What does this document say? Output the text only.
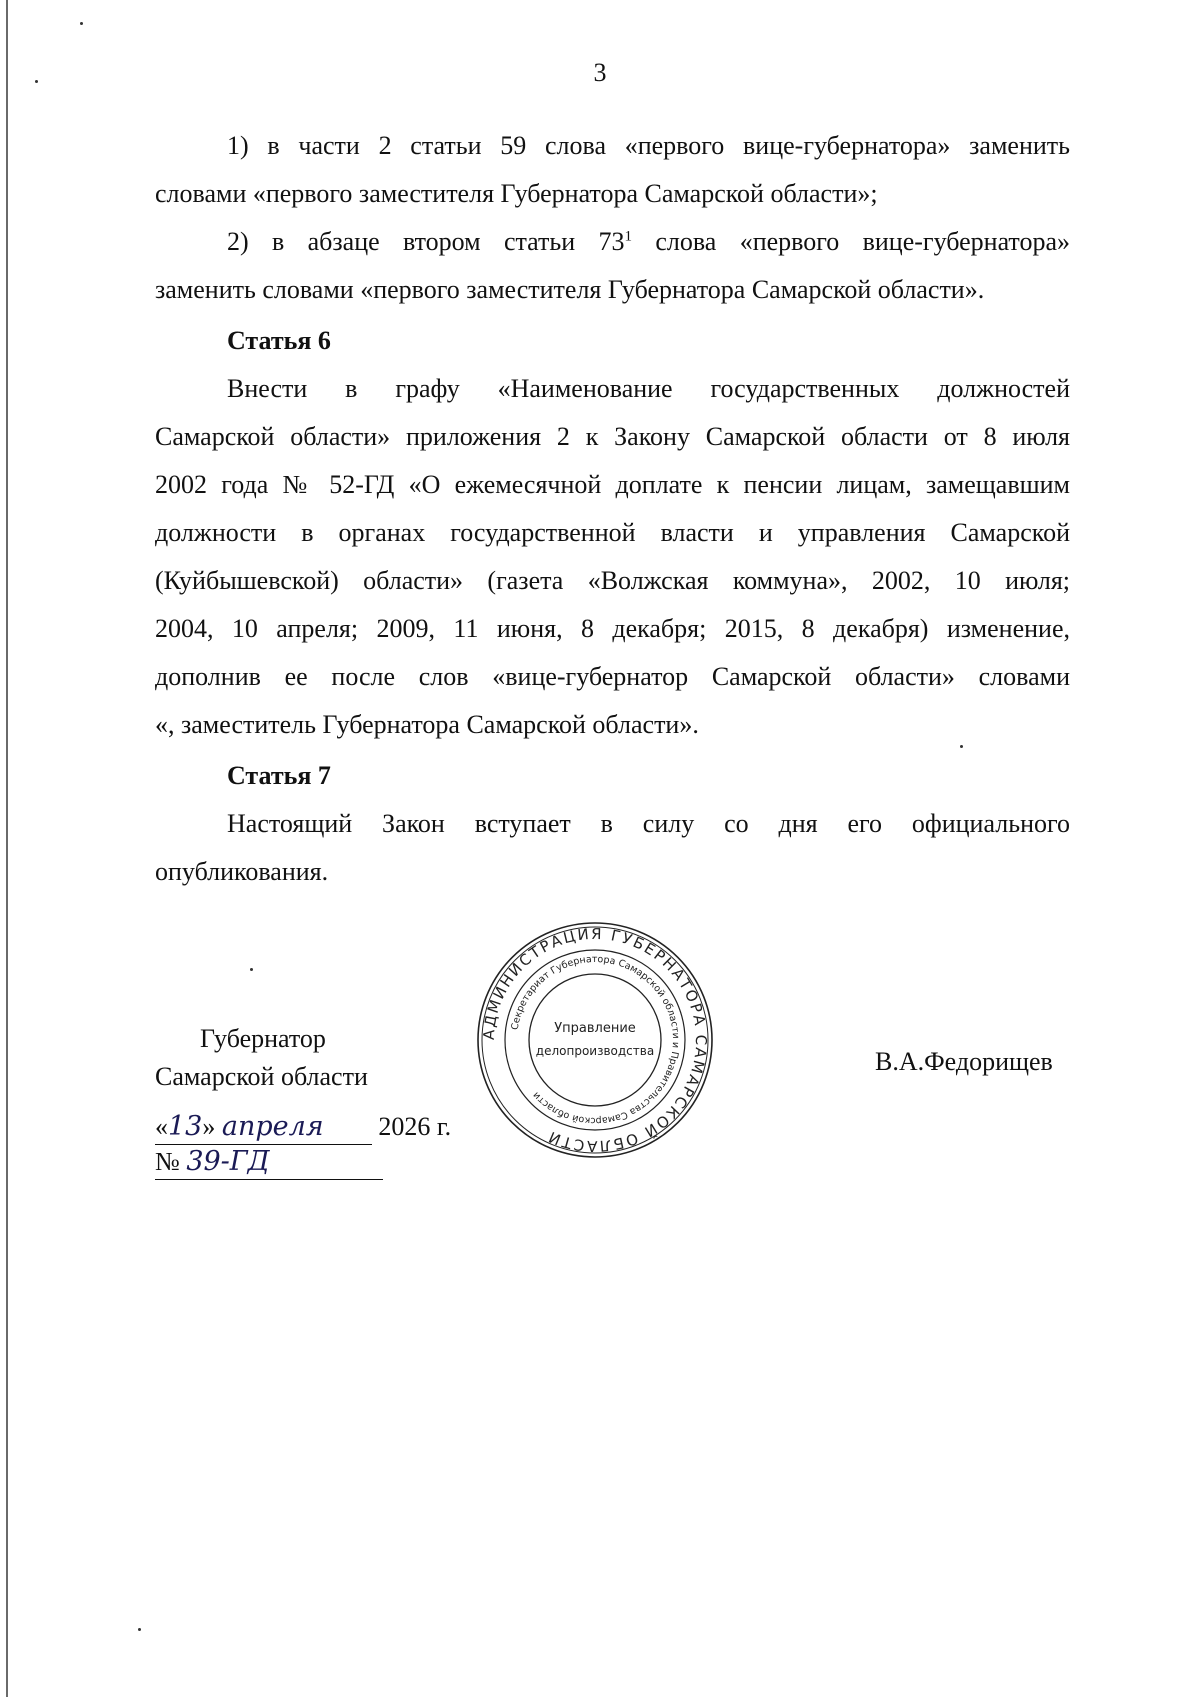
3
1) в части 2 статьи 59 слова «первого вице-губернатора» заменить

словами «первого заместителя Губернатора Самарской области»;

2) в абзаце втором статьи $73^1$ слова «первого вице-губернатора»

заменить словами «первого заместителя Губернатора Самарской области».

Статья 6
Внести в графу «Наименование государственных должностей
Самарской области» приложения 2 к Закону Самарской области от 8 июля
2002 года № 52-ГД «О ежемесячной доплате к пенсии лицам, замещавшим
должности в органах государственной власти и управления Самарской
(Куйбышевской) области» (газета «Волжская коммуна», 2002, 10 июля;
2004, 10 апреля; 2009, 11 июня, 8 декабря; 2015, 8 декабря) изменение,
дополнив ее после слов «вице-губернатор Самарской области» словами
«, заместитель Губернатора Самарской области».
Статья 7
Настоящий Закон вступает в силу со дня его официального
опубликования.
Губернатор
Самарской области
В.А.Федорищев
«13» апреля 2026 г.
№ 39-ГД
АДМИНИСТРАЦИЯ ГУБЕРНАТОРА САМАРСКОЙ ОБЛАСТИ
Секретариат Губернатора Самарской области и Правительства Самарской области
Управление
делопроизводства
